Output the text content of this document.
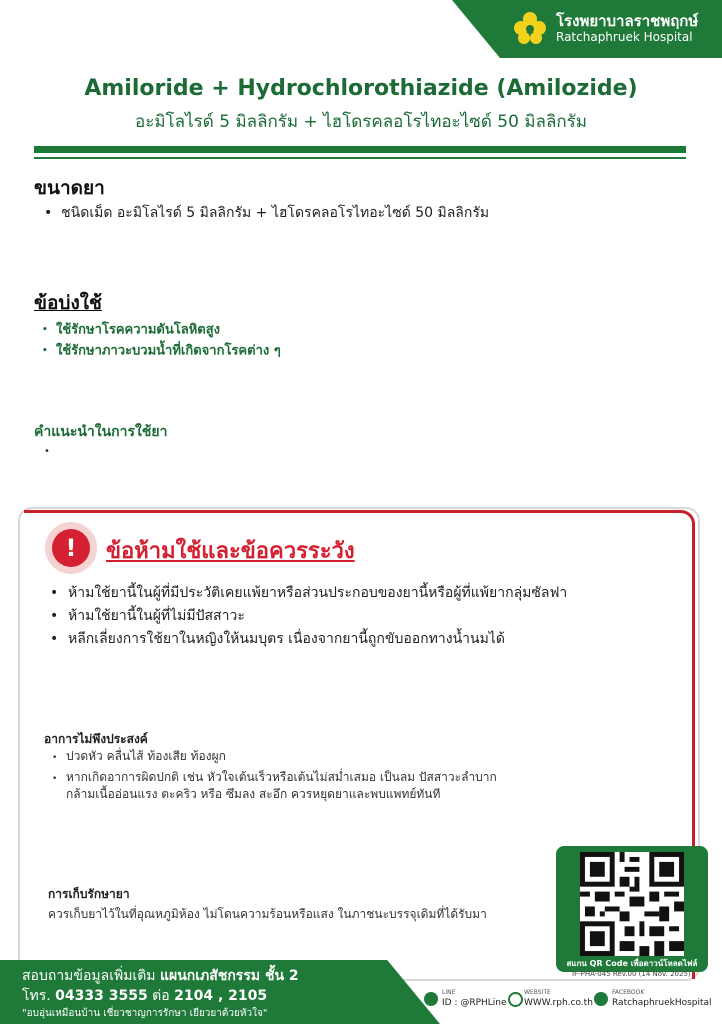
โรงพยาบาลราชพฤกษ์
Ratchaphruek Hospital
Amiloride + Hydrochlorothiazide (Amilozide)
อะมิโลไรด์ 5 มิลลิกรัม + ไฮโดรคลอโรไทอะไซด์ 50 มิลลิกรัม
ขนาดยา
•  ชนิดเม็ด อะมิโลไรด์ 5 มิลลิกรัม + ไฮโดรคลอโรไทอะไซด์ 50 มิลลิกรัม
ข้อบ่งใช้
• ใช้รักษาโรคความดันโลหิตสูง
• ใช้รักษาภาวะบวมน้ำที่เกิดจากโรคต่าง ๆ
คำแนะนำในการใช้ยา
•
!	ข้อห้ามใช้และข้อควรระวัง
• ห้ามใช้ยานี้ในผู้ที่มีประวัติเคยแพ้ยาหรือส่วนประกอบของยานี้หรือผู้ที่แพ้ยากลุ่มซัลฟา
• ห้ามใช้ยานี้ในผู้ที่ไม่มีปัสสาวะ
• หลีกเลี่ยงการใช้ยาในหญิงให้นมบุตร เนื่องจากยานี้ถูกขับออกทางน้ำนมได้
อาการไม่พึงประสงค์
• ปวดหัว คลื่นไส้ ท้องเสีย ท้องผูก
• หากเกิดอาการผิดปกติ เช่น หัวใจเต้นเร็วหรือเต้นไม่สม่ำเสมอ เป็นลม ปัสสาวะลำบาก
กล้ามเนื้ออ่อนแรง ตะคริว หรือ ซึมลง สะอึก ควรหยุดยาและพบแพทย์ทันที
การเก็บรักษายา
ควรเก็บยาไว้ในที่อุณหภูมิห้อง ไม่โดนความร้อนหรือแสง ในภาชนะบรรจุเดิมที่ได้รับมา
สแกน QR Code เพื่อดาวน์โหลดไฟล์
IF-PHA-045 Rev.00 (14 Nov. 2025)
สอบถามข้อมูลเพิ่มเติม แผนกเภสัชกรรม ชั้น 2
โทร. 04333 3555 ต่อ 2104 , 2105
"อบอุ่นเหมือนบ้าน เชี่ยวชาญการรักษา เยียวยาด้วยหัวใจ"
LINE
ID : @RPHLine
WEBSITE
WWW.rph.co.th
FACEBOOK
RatchaphruekHospital
